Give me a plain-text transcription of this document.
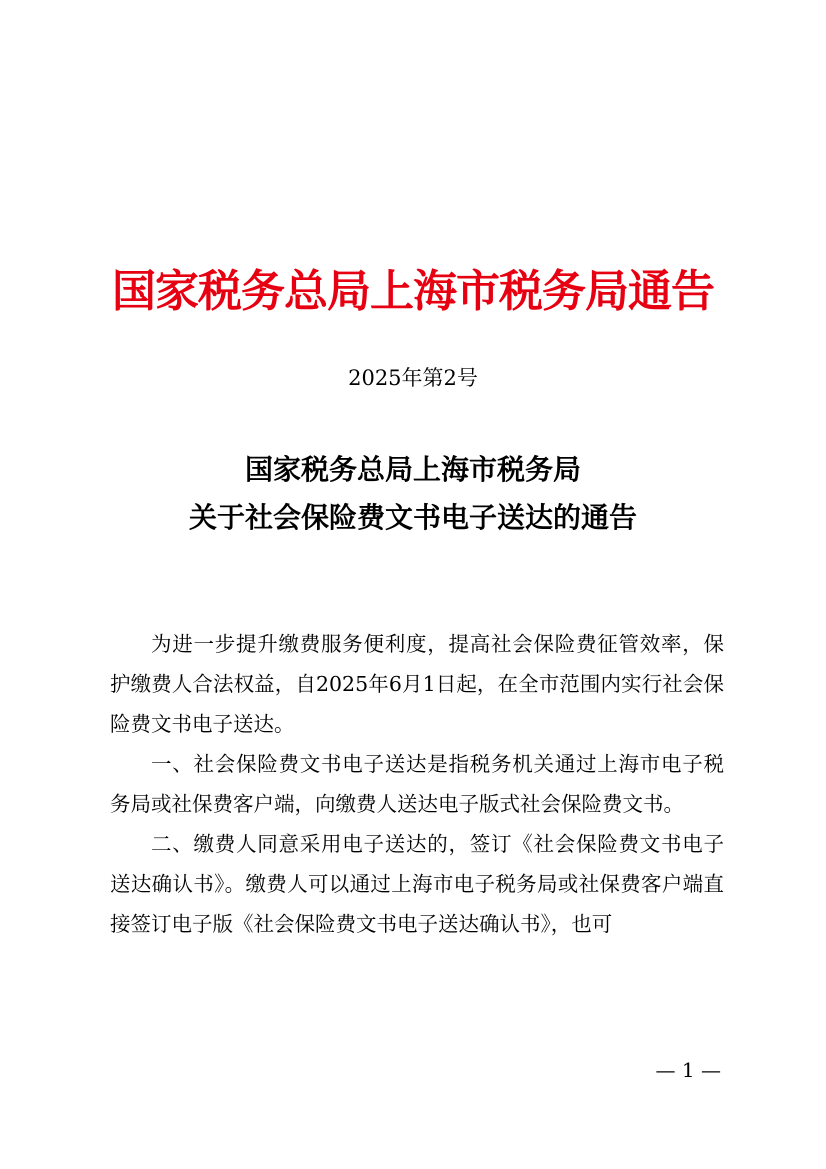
国家税务总局上海市税务局通告
2025年第2号
国家税务总局上海市税务局
关于社会保险费文书电子送达的通告

为进一步提升缴费服务便利度，提高社会保险费征管效率，保护缴费人合法权益，自2025年6月1日起，在全市范围内实行社会保险费文书电子送达。

一、社会保险费文书电子送达是指税务机关通过上海市电子税务局或社保费客户端，向缴费人送达电子版式社会保险费文书。

二、缴费人同意采用电子送达的，签订《社会保险费文书电子送达确认书》。缴费人可以通过上海市电子税务局或社保费客户端直接签订电子版《社会保险费文书电子送达确认书》，也可

— 1 —
